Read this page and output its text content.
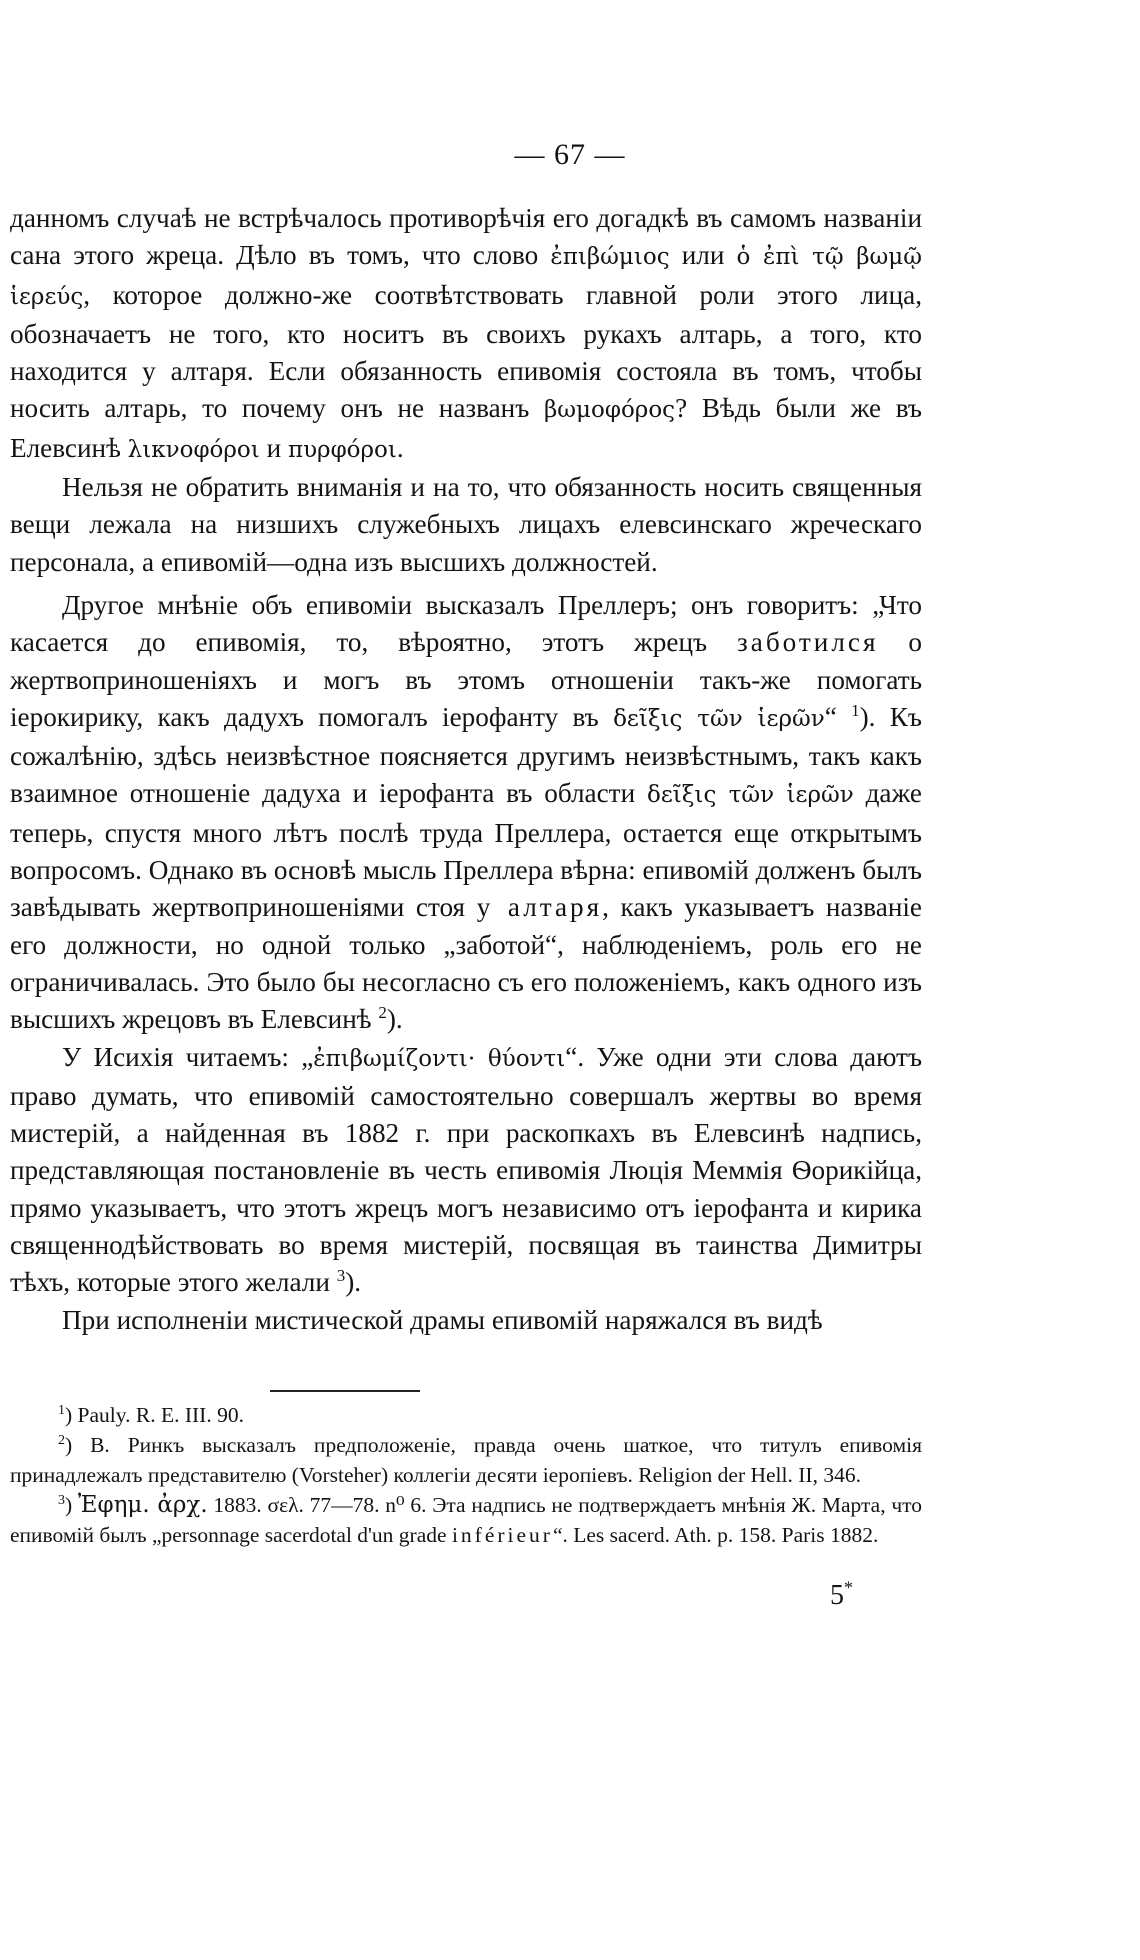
— 67 —

данномъ случаѣ не встрѣчалось противорѣчія его догадкѣ въ самомъ названіи сана этого жреца. Дѣло въ томъ, что слово ἐπιβώμιος или ὁ ἐπὶ τῷ βωμῷ ἱερεύς, которое должно-же соотвѣтствовать главной роли этого лица, обозначаетъ не того, кто носитъ въ своихъ рукахъ алтарь, а того, кто находится у алтаря. Если обязанность епивомія состояла въ томъ, чтобы носить алтарь, то почему онъ не названъ βωμοφόρος? Вѣдь были же въ Елевсинѣ λικνοφόροι и πυρφόροι.

Нельзя не обратить вниманія и на то, что обязанность носить священныя вещи лежала на низшихъ служебныхъ лицахъ елевсинскаго жреческаго персонала, а епивомій—одна изъ высшихъ должностей.

Другое мнѣніе объ епивоміи высказалъ Преллеръ; онъ говоритъ: „Что касается до епивомія, то, вѣроятно, этотъ жрецъ заботился о жертвоприношеніяхъ и могъ въ этомъ отношеніи такъ-же помогать іерокирику, какъ дадухъ помогалъ іерофанту въ δεῖξις τῶν ἱερῶν“ $^1$). Къ сожалѣнію, здѣсь неизвѣстное поясняется другимъ неизвѣстнымъ, такъ какъ взаимное отношеніе дадуха и іерофанта въ области δεῖξις τῶν ἱερῶν даже теперь, спустя много лѣтъ послѣ труда Преллера, остается еще открытымъ вопросомъ. Однако въ основѣ мысль Преллера вѣрна: епивомій долженъ былъ завѣдывать жертвоприношеніями стоя у алтаря, какъ указываетъ названіе его должности, но одной только „заботой“, наблюденіемъ, роль его не ограничивалась. Это было бы несогласно съ его положеніемъ, какъ одного изъ высшихъ жрецовъ въ Елевсинѣ $^2$).

У Исихія читаемъ: „ἐπιβωμίζοντι· θύοντι“. Уже одни эти слова даютъ право думать, что епивомій самостоятельно совершалъ жертвы во время мистерій, а найденная въ 1882 г. при раскопкахъ въ Елевсинѣ надпись, представляющая постановленіе въ честь епивомія Люція Меммія Ѳорикійца, прямо указываетъ, что этотъ жрецъ могъ независимо отъ іерофанта и кирика священнодѣйствовать во время мистерій, посвящая въ таинства Димитры тѣхъ, которые этого желали $^3$).

При исполненіи мистической драмы епивомій наряжался въ видѣ

$^1$) Pauly. R. E. III. 90.

$^2$) В. Ринкъ высказалъ предположеніе, правда очень шаткое, что титулъ епивомія принадлежалъ представителю (Vorsteher) коллегіи десяти іеропіевъ. Religion der Hell. II, 346.

$^3$) Ἐφημ. ἀρχ. 1883. σελ. 77—78. n⁰ 6. Эта надпись не подтверждаетъ мнѣнія Ж. Марта, что епивомій былъ „personnage sacerdotal d'un grade inférieur“. Les sacerd. Ath. p. 158. Paris 1882.

5*
